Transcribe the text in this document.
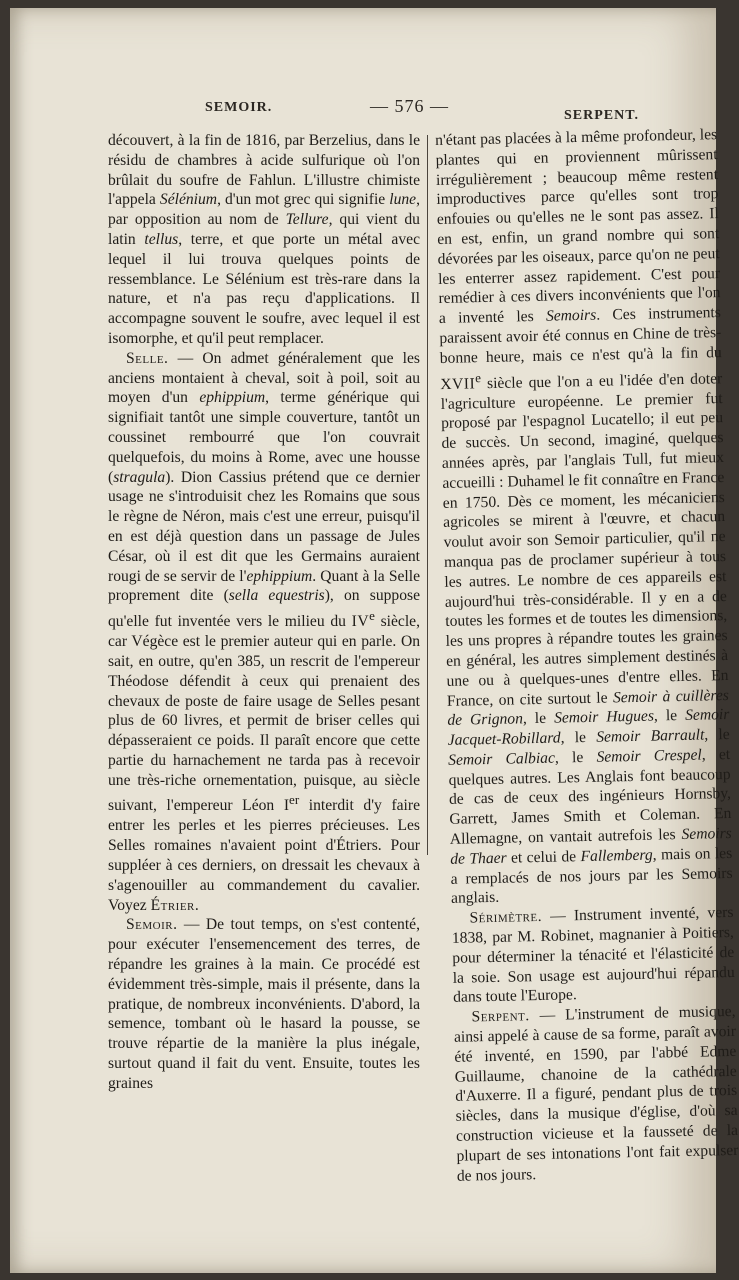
SEMOIR.	— 576 —	SERPENT.

découvert, à la fin de 1816, par Berzelius, dans le résidu de chambres à acide sulfurique où l'on brûlait du soufre de Fahlun. L'illustre chimiste l'appela Sélénium, d'un mot grec qui signifie lune, par opposition au nom de Tellure, qui vient du latin tellus, terre, et que porte un métal avec lequel il lui trouva quelques points de ressemblance. Le Sélénium est très-rare dans la nature, et n'a pas reçu d'applications. Il accompagne souvent le soufre, avec lequel il est isomorphe, et qu'il peut remplacer.

Selle. — On admet généralement que les anciens montaient à cheval, soit à poil, soit au moyen d'un ephippium, terme générique qui signifiait tantôt une simple couverture, tantôt un coussinet rembourré que l'on couvrait quelquefois, du moins à Rome, avec une housse (stragula). Dion Cassius prétend que ce dernier usage ne s'introduisit chez les Romains que sous le règne de Néron, mais c'est une erreur, puisqu'il en est déjà question dans un passage de Jules César, où il est dit que les Germains auraient rougi de se servir de l'ephippium. Quant à la Selle proprement dite (sella equestris), on suppose qu'elle fut inventée vers le milieu du IVe siècle, car Végèce est le premier auteur qui en parle. On sait, en outre, qu'en 385, un rescrit de l'empereur Théodose défendit à ceux qui prenaient des chevaux de poste de faire usage de Selles pesant plus de 60 livres, et permit de briser celles qui dépasseraient ce poids. Il paraît encore que cette partie du harnachement ne tarda pas à recevoir une très-riche ornementation, puisque, au siècle suivant, l'empereur Léon Ier interdit d'y faire entrer les perles et les pierres précieuses. Les Selles romaines n'avaient point d'Étriers. Pour suppléer à ces derniers, on dressait les chevaux à s'agenouiller au commandement du cavalier. Voyez Étrier.

Semoir. — De tout temps, on s'est contenté, pour exécuter l'ensemencement des terres, de répandre les graines à la main. Ce procédé est évidemment très-simple, mais il présente, dans la pratique, de nombreux inconvénients. D'abord, la semence, tombant où le hasard la pousse, se trouve répartie de la manière la plus inégale, surtout quand il fait du vent. Ensuite, toutes les graines

n'étant pas placées à la même profondeur, les plantes qui en proviennent mûrissent irrégulièrement ; beaucoup même restent improductives parce qu'elles sont trop enfouies ou qu'elles ne le sont pas assez. Il en est, enfin, un grand nombre qui sont dévorées par les oiseaux, parce qu'on ne peut les enterrer assez rapidement. C'est pour remédier à ces divers inconvénients que l'on a inventé les Semoirs. Ces instruments paraissent avoir été connus en Chine de très-bonne heure, mais ce n'est qu'à la fin du XVIIe siècle que l'on a eu l'idée d'en doter l'agriculture européenne. Le premier fut proposé par l'espagnol Lucatello; il eut peu de succès. Un second, imaginé, quelques années après, par l'anglais Tull, fut mieux accueilli : Duhamel le fit connaître en France en 1750. Dès ce moment, les mécaniciens agricoles se mirent à l'œuvre, et chacun voulut avoir son Semoir particulier, qu'il ne manqua pas de proclamer supérieur à tous les autres. Le nombre de ces appareils est aujourd'hui très-considérable. Il y en a de toutes les formes et de toutes les dimensions, les uns propres à répandre toutes les graines en général, les autres simplement destinés à une ou à quelques-unes d'entre elles. En France, on cite surtout le Semoir à cuillères de Grignon, le Semoir Hugues, le Semoir Jacquet-Robillard, le Semoir Barrault, le Semoir Calbiac, le Semoir Crespel, et quelques autres. Les Anglais font beaucoup de cas de ceux des ingénieurs Hornsby, Garrett, James Smith et Coleman. En Allemagne, on vantait autrefois les Semoirs de Thaer et celui de Fallemberg, mais on les a remplacés de nos jours par les Semoirs anglais.

Sérimètre. — Instrument inventé, vers 1838, par M. Robinet, magnanier à Poitiers, pour déterminer la ténacité et l'élasticité de la soie. Son usage est aujourd'hui répandu dans toute l'Europe.

Serpent. — L'instrument de musique, ainsi appelé à cause de sa forme, paraît avoir été inventé, en 1590, par l'abbé Edme Guillaume, chanoine de la cathédrale d'Auxerre. Il a figuré, pendant plus de trois siècles, dans la musique d'église, d'où sa construction vicieuse et la fausseté de la plupart de ses intonations l'ont fait expulser de nos jours.
